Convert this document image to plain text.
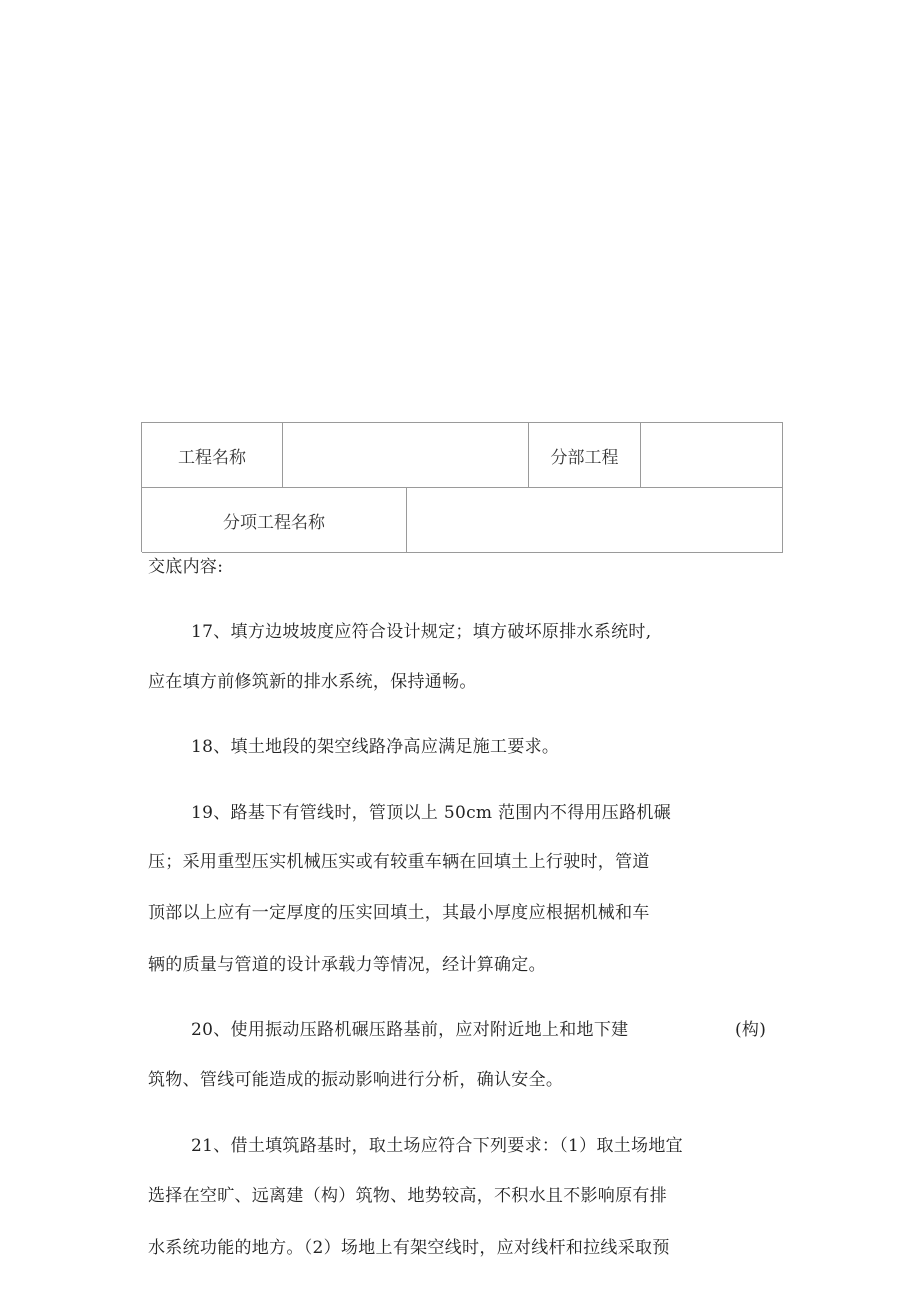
工程名称	分部工程
分项工程名称
交底内容:
17、填方边坡坡度应符合设计规定；填方破坏原排水系统时,
应在填方前修筑新的排水系统，保持通畅。
18、填土地段的架空线路净高应满足施工要求。
19、路基下有管线时，管顶以上 50cm 范围内不得用压路机碾
压；采用重型压实机械压实或有较重车辆在回填土上行驶时，管道
顶部以上应有一定厚度的压实回填土，其最小厚度应根据机械和车
辆的质量与管道的设计承载力等情况，经计算确定。
20、使用振动压路机碾压路基前，应对附近地上和地下建	(构)
筑物、管线可能造成的振动影响进行分析，确认安全。
21、借土填筑路基时，取土场应符合下列要求：（1）取土场地宜
选择在空旷、远离建（构）筑物、地势较高，不积水且不影响原有排
水系统功能的地方。（2）场地上有架空线时，应对线杆和拉线采取预
